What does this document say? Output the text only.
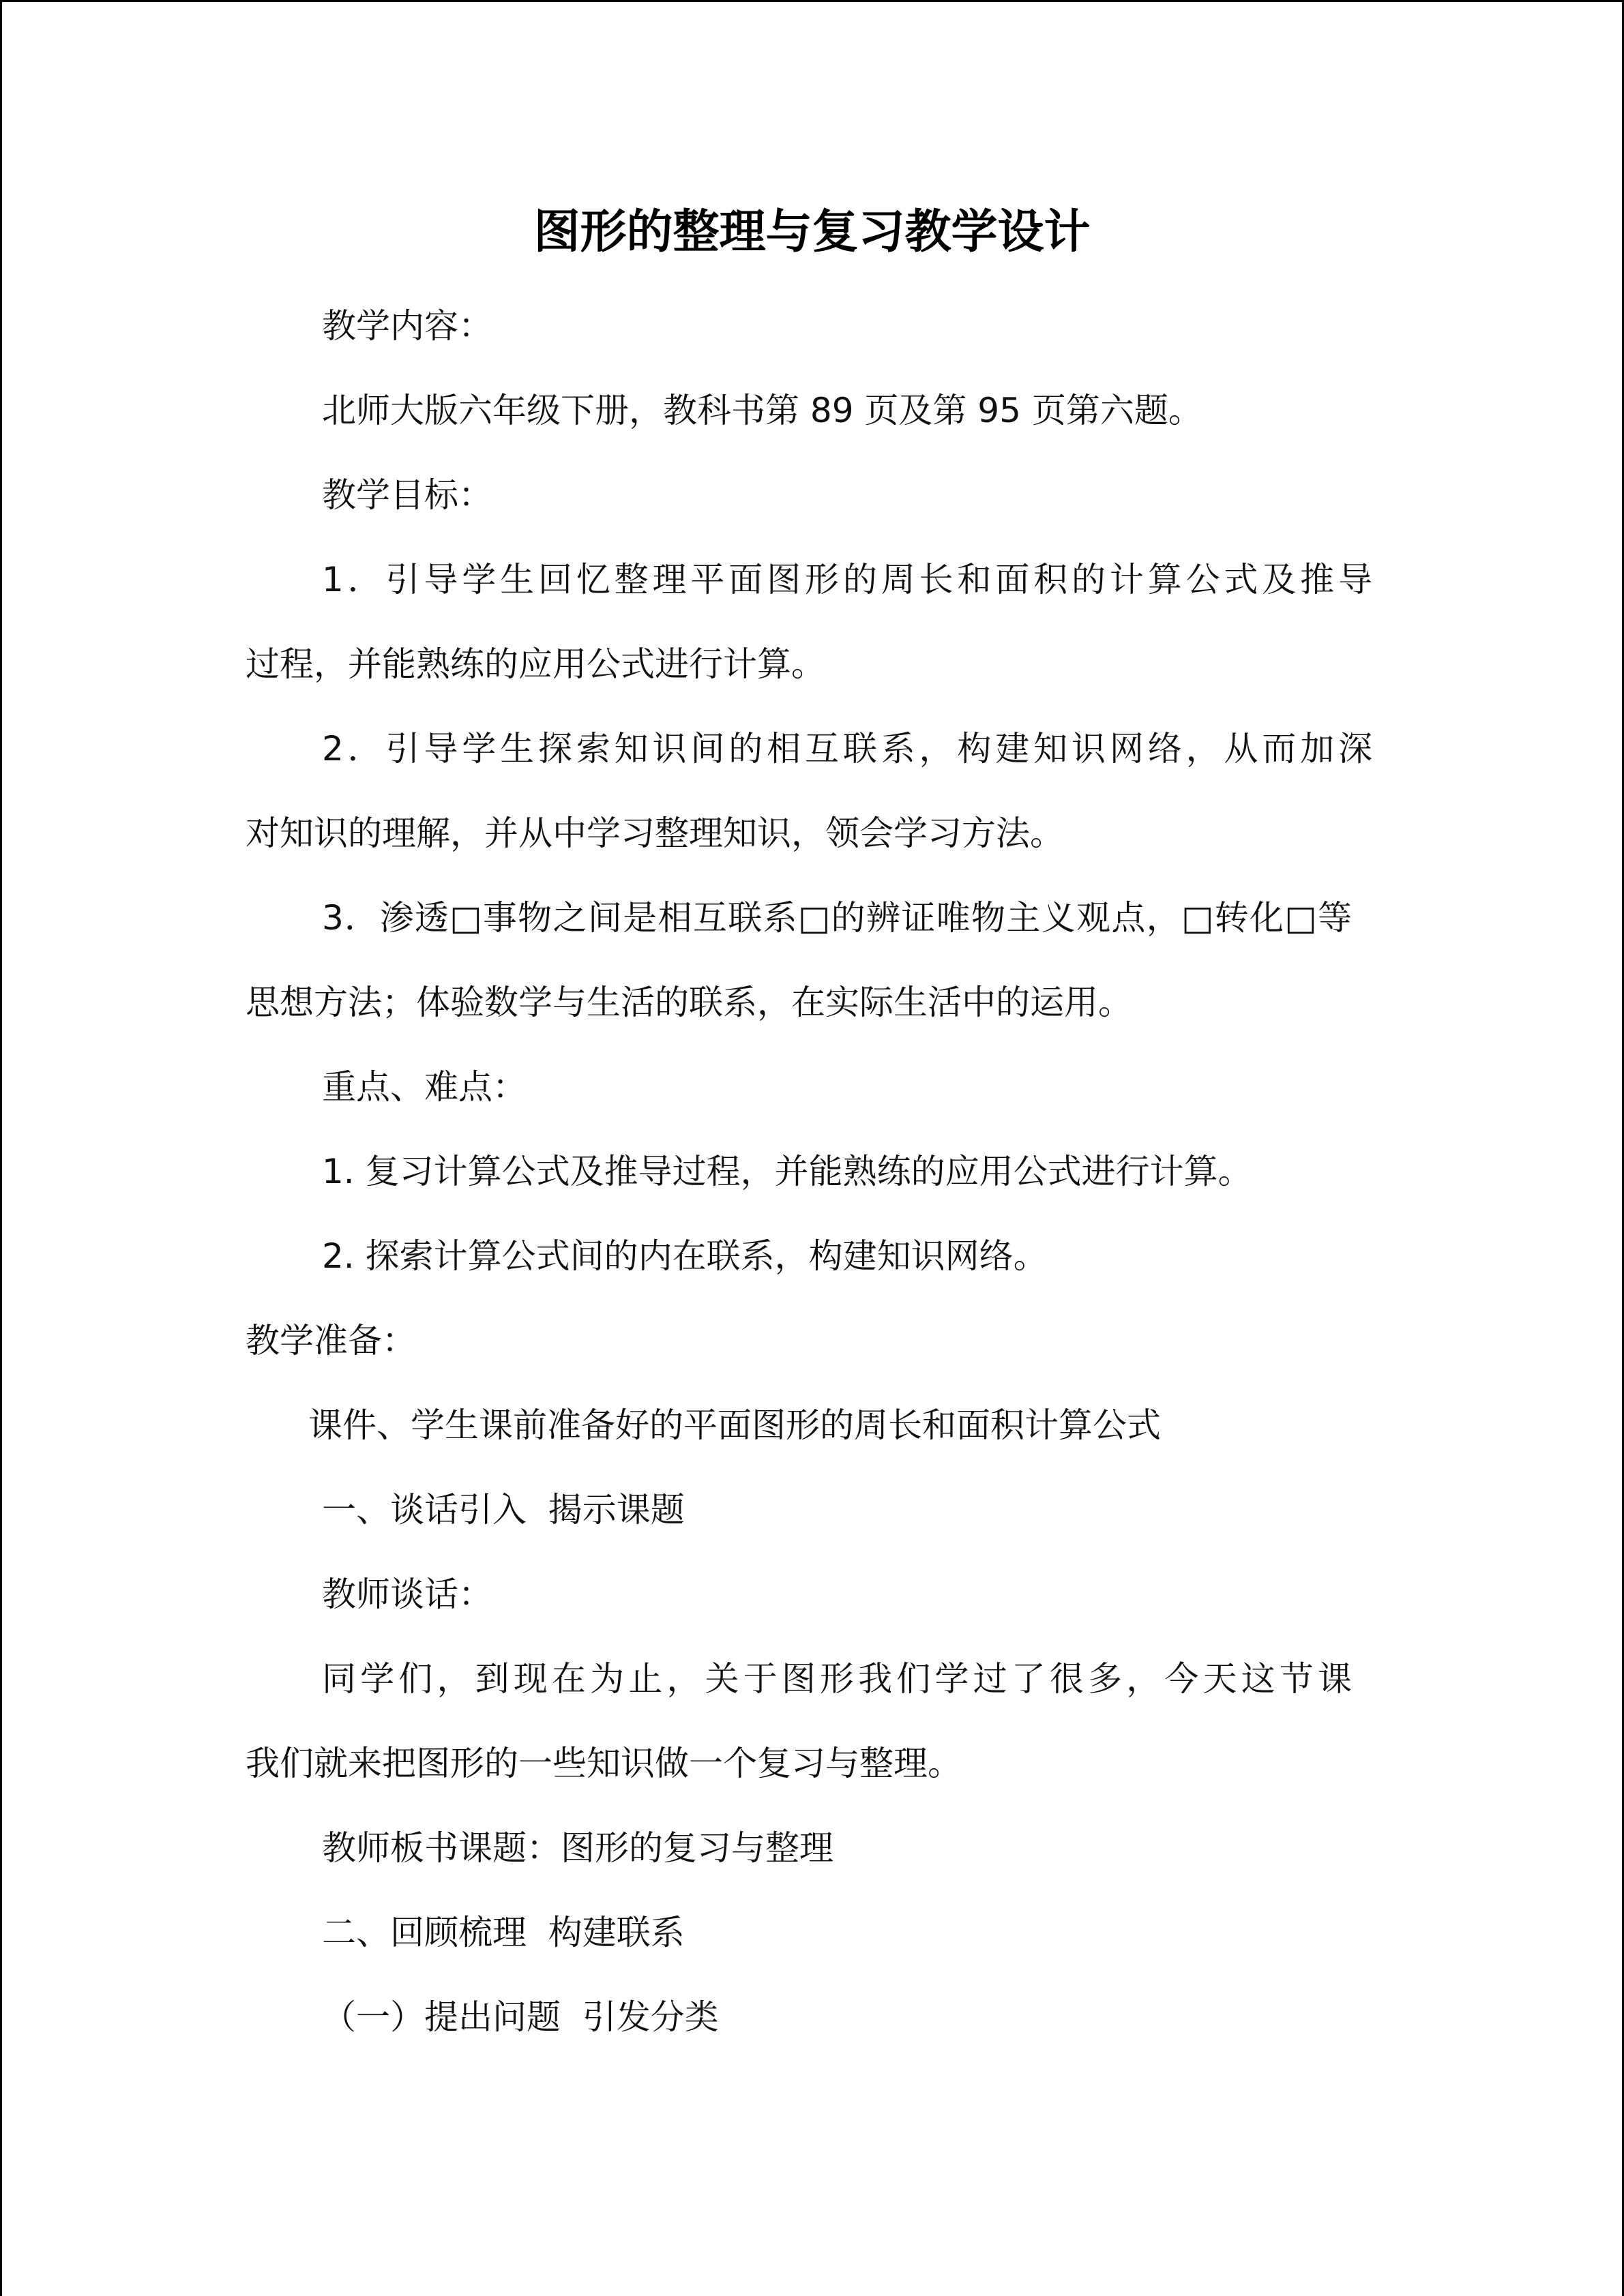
图形的整理与复习教学设计
教学内容：
北师大版六年级下册，教科书第 89 页及第 95 页第六题。
教学目标：
1．引导学生回忆整理平面图形的周长和面积的计算公式及推导
过程，并能熟练的应用公式进行计算。
2．引导学生探索知识间的相互联系，构建知识网络，从而加深
对知识的理解，并从中学习整理知识，领会学习方法。
3．渗透□事物之间是相互联系□的辨证唯物主义观点，□转化□等
思想方法；体验数学与生活的联系，在实际生活中的运用。
重点、难点：
1. 复习计算公式及推导过程，并能熟练的应用公式进行计算。
2. 探索计算公式间的内在联系，构建知识网络。
教学准备：
课件、学生课前准备好的平面图形的周长和面积计算公式
一、谈话引入  揭示课题
教师谈话：
同学们，到现在为止，关于图形我们学过了很多，今天这节课
我们就来把图形的一些知识做一个复习与整理。
教师板书课题：图形的复习与整理
二、回顾梳理  构建联系
（一）提出问题  引发分类
